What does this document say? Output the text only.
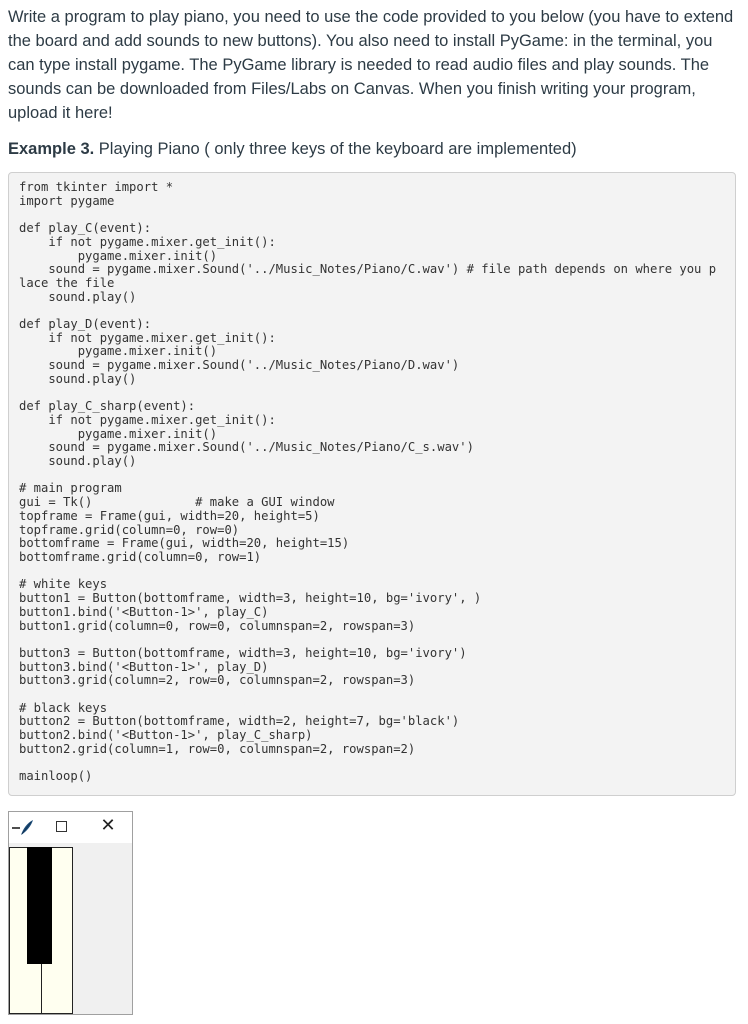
Write a program to play piano, you need to use the code provided to you below (you have to extend the board and add sounds to new buttons). You also need to install PyGame: in the terminal, you can type install pygame. The PyGame library is needed to read audio files and play sounds. The sounds can be downloaded from Files/Labs on Canvas. When you finish writing your program, upload it here!

Example 3. Playing Piano ( only three keys of the keyboard are implemented)
from tkinter import *
import pygame

def play_C(event):
if not pygame.mixer.get_init():
pygame.mixer.init()
sound = pygame.mixer.Sound('../Music_Notes/Piano/C.wav') # file path depends on where you p
lace the file
sound.play()

def play_D(event):
if not pygame.mixer.get_init():
pygame.mixer.init()
sound = pygame.mixer.Sound('../Music_Notes/Piano/D.wav')
sound.play()

def play_C_sharp(event):
if not pygame.mixer.get_init():
pygame.mixer.init()
sound = pygame.mixer.Sound('../Music_Notes/Piano/C_s.wav')
sound.play()

# main program
gui = Tk()              # make a GUI window
topframe = Frame(gui, width=20, height=5)
topframe.grid(column=0, row=0)
bottomframe = Frame(gui, width=20, height=15)
bottomframe.grid(column=0, row=1)

# white keys
button1 = Button(bottomframe, width=3, height=10, bg='ivory', )
button1.bind('<Button-1>', play_C)
button1.grid(column=0, row=0, columnspan=2, rowspan=3)

button3 = Button(bottomframe, width=3, height=10, bg='ivory')
button3.bind('<Button-1>', play_D)
button3.grid(column=2, row=0, columnspan=2, rowspan=3)

# black keys
button2 = Button(bottomframe, width=2, height=7, bg='black')
button2.bind('<Button-1>', play_C_sharp)
button2.grid(column=1, row=0, columnspan=2, rowspan=2)

mainloop()
✕
